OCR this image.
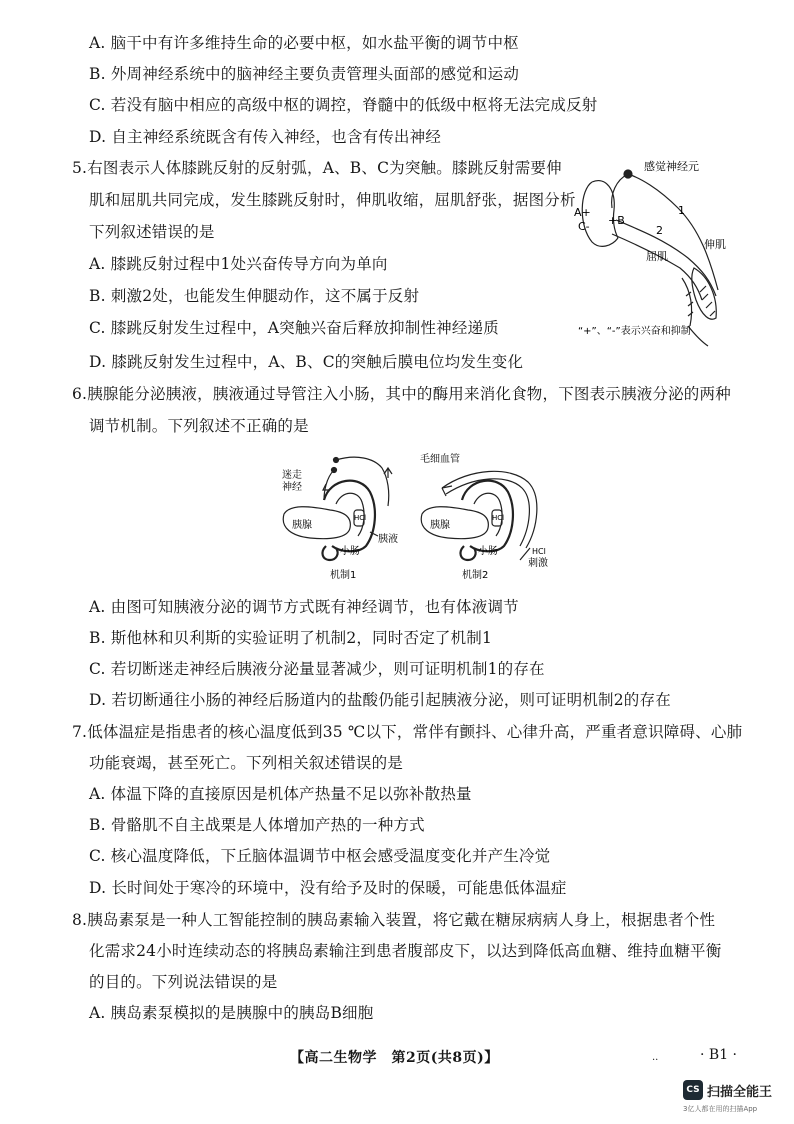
A. 脑干中有许多维持生命的必要中枢，如水盐平衡的调节中枢
B. 外周神经系统中的脑神经主要负责管理头面部的感觉和运动
C. 若没有脑中相应的高级中枢的调控，脊髓中的低级中枢将无法完成反射
D. 自主神经系统既含有传入神经，也含有传出神经
5.右图表示人体膝跳反射的反射弧，A、B、C为突触。膝跳反射需要伸
肌和屈肌共同完成，发生膝跳反射时，伸肌收缩，屈肌舒张，据图分析
下列叙述错误的是
A. 膝跳反射过程中1处兴奋传导方向为单向
B. 刺激2处，也能发生伸腿动作，这不属于反射
C. 膝跳反射发生过程中，A突触兴奋后释放抑制性神经递质
D. 膝跳反射发生过程中，A、B、C的突触后膜电位均发生变化
感觉神经元
A+
+B
C-
1
2
伸肌
屈肌
“+”、“-”表示兴奋和抑制
6.胰腺能分泌胰液，胰液通过导管注入小肠，其中的酶用来消化食物，下图表示胰液分泌的两种
调节机制。下列叙述不正确的是
迷走
神经
胰腺
小肠
HCl
胰液
机制1
毛细血管
胰腺
小肠
HCl
HCl
刺激
机制2
A. 由图可知胰液分泌的调节方式既有神经调节，也有体液调节
B. 斯他林和贝利斯的实验证明了机制2，同时否定了机制1
C. 若切断迷走神经后胰液分泌量显著减少，则可证明机制1的存在
D. 若切断通往小肠的神经后肠道内的盐酸仍能引起胰液分泌，则可证明机制2的存在
7.低体温症是指患者的核心温度低到35 ℃以下，常伴有颤抖、心律升高，严重者意识障碍、心肺
功能衰竭，甚至死亡。下列相关叙述错误的是
A. 体温下降的直接原因是机体产热量不足以弥补散热量
B. 骨骼肌不自主战栗是人体增加产热的一种方式
C. 核心温度降低，下丘脑体温调节中枢会感受温度变化并产生冷觉
D. 长时间处于寒冷的环境中，没有给予及时的保暖，可能患低体温症
8.胰岛素泵是一种人工智能控制的胰岛素输入装置，将它戴在糖尿病病人身上，根据患者个性
化需求24小时连续动态的将胰岛素输注到患者腹部皮下，以达到降低高血糖、维持血糖平衡
的目的。下列说法错误的是
A. 胰岛素泵模拟的是胰腺中的胰岛B细胞
【高二生物学　第2页(共8页)】	..	· B1 ·
CS 扫描全能王
3亿人都在用的扫描App
